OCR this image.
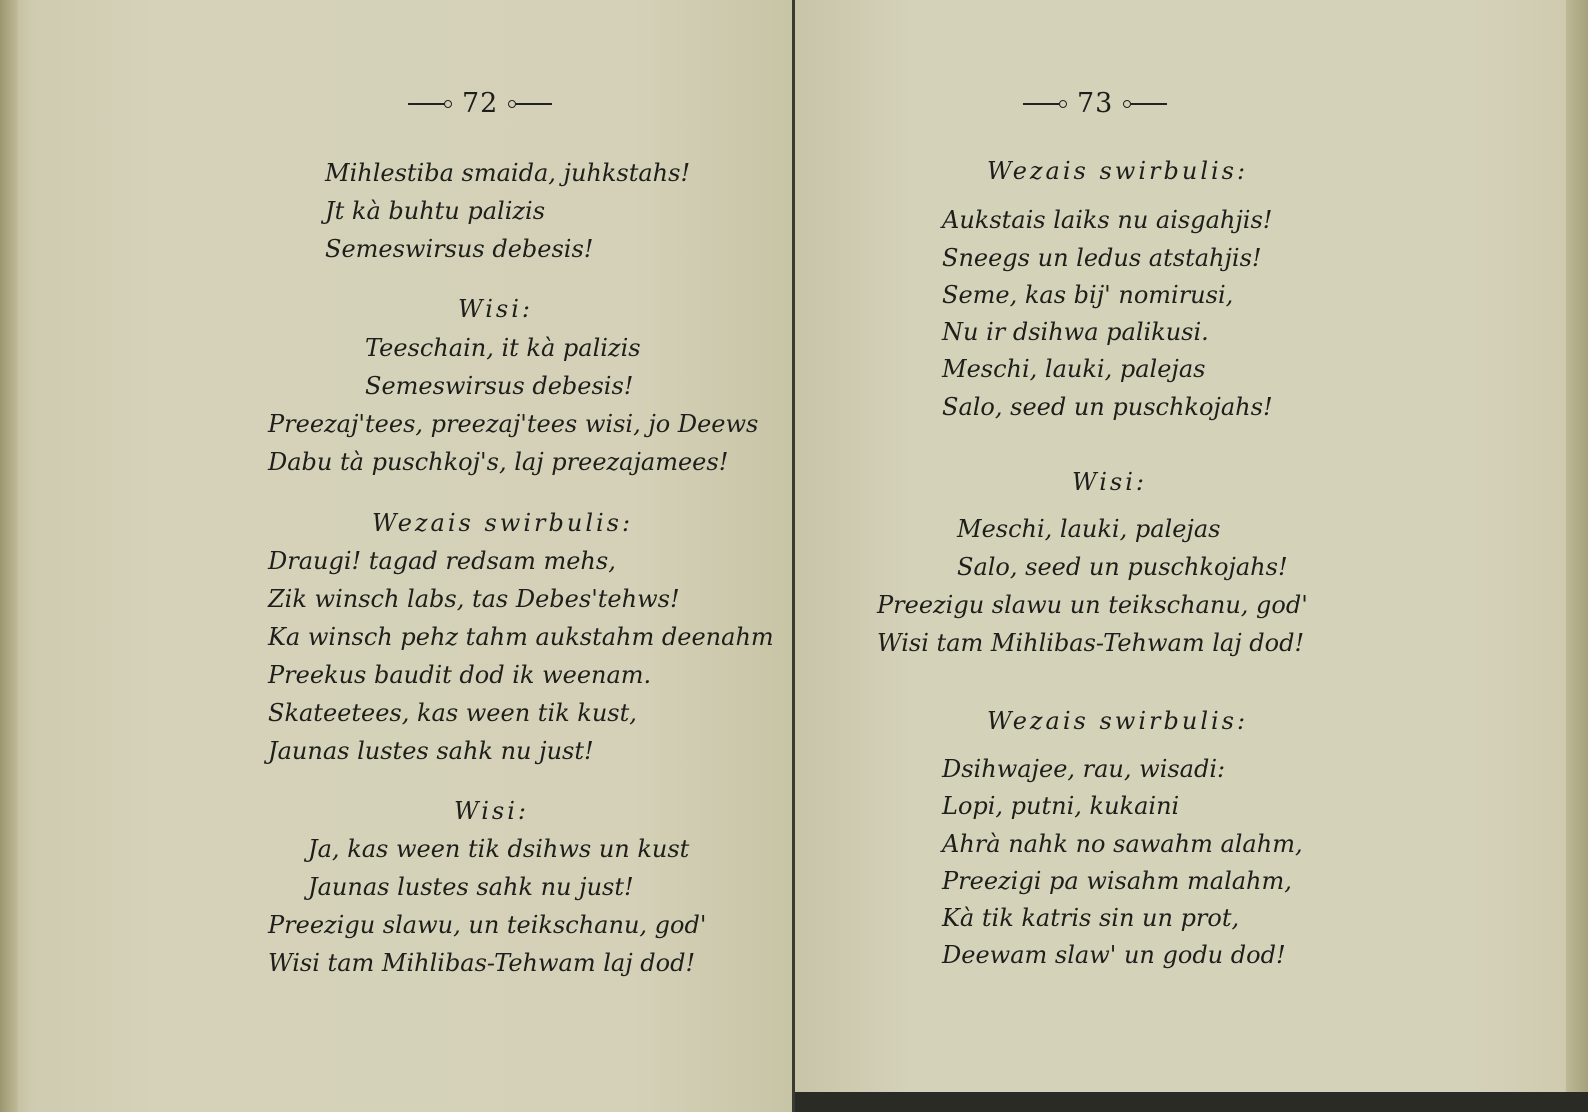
72
Mihlestiba smaida, juhkstahs!
Jt kà buhtu palizis
Semeswirsus debesis!
Wisi:
Teeschain, it kà palizis
Semeswirsus debesis!
Preezaj'tees, preezaj'tees wisi, jo Deews
Dabu tà puschkoj's, laj preezajamees!
Wezais swirbulis:
Draugi! tagad redsam mehs,
Zik winsch labs, tas Debes'tehws!
Ka winsch pehz tahm aukstahm deenahm
Preekus baudit dod ik weenam.
Skateetees, kas ween tik kust,
Jaunas lustes sahk nu just!
Wisi:
Ja, kas ween tik dsihws un kust
Jaunas lustes sahk nu just!
Preezigu slawu, un teikschanu, god'
Wisi tam Mihlibas-Tehwam laj dod!
73
Wezais swirbulis:
Aukstais laiks nu aisgahjis!
Sneegs un ledus atstahjis!
Seme, kas bij' nomirusi,
Nu ir dsihwa palikusi.
Meschi, lauki, palejas
Salo, seed un puschkojahs!
Wisi:
Meschi, lauki, palejas
Salo, seed un puschkojahs!
Preezigu slawu un teikschanu, god'
Wisi tam Mihlibas-Tehwam laj dod!
Wezais swirbulis:
Dsihwajee, rau, wisadi:
Lopi, putni, kukaini
Ahrà nahk no sawahm alahm,
Preezigi pa wisahm malahm,
Kà tik katris sin un prot,
Deewam slaw' un godu dod!
